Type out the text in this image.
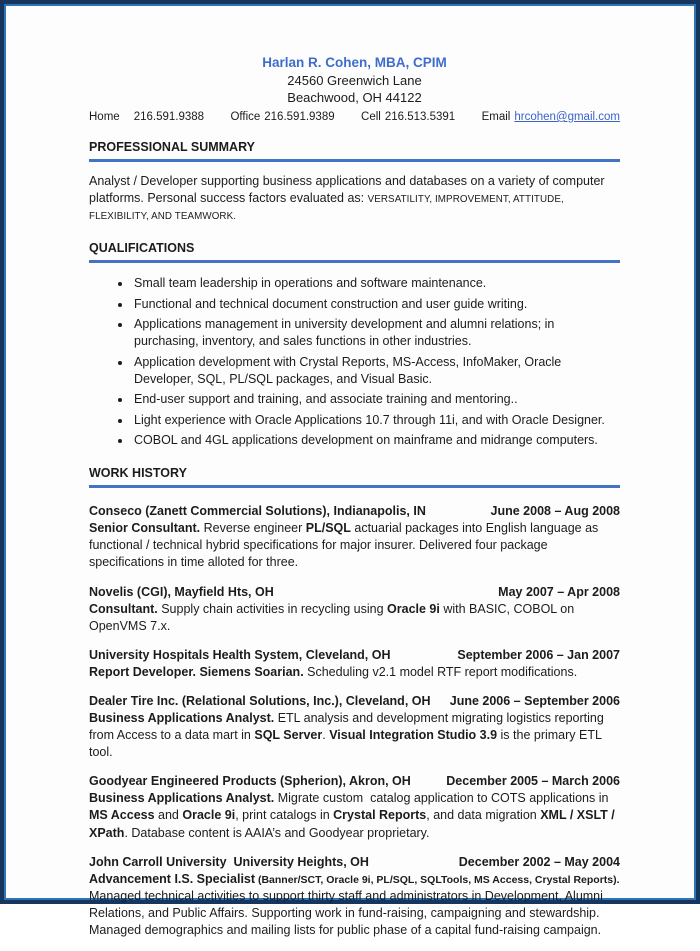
Harlan R. Cohen, MBA, CPIM
24560 Greenwich Lane
Beachwood, OH 44122
Home 216.591.9388 Office 216.591.9389 Cell 216.513.5391 Email hrcohen@gmail.com
PROFESSIONAL SUMMARY

Analyst / Developer supporting business applications and databases on a variety of computer platforms. Personal success factors evaluated as: VERSATILITY, IMPROVEMENT, ATTITUDE, FLEXIBILITY, AND TEAMWORK.

QUALIFICATIONS
• Small team leadership in operations and software maintenance.
• Functional and technical document construction and user guide writing.
• Applications management in university development and alumni relations; in purchasing, inventory, and sales functions in other industries.
• Application development with Crystal Reports, MS-Access, InfoMaker, Oracle Developer, SQL, PL/SQL packages, and Visual Basic.
• End-user support and training, and associate training and mentoring..
• Light experience with Oracle Applications 10.7 through 11i, and with Oracle Designer.
• COBOL and 4GL applications development on mainframe and midrange computers.
WORK HISTORY
Conseco (Zanett Commercial Solutions), Indianapolis, IN	June 2008 – Aug 2008
Senior Consultant. Reverse engineer PL/SQL actuarial packages into English language as functional / technical hybrid specifications for major insurer. Delivered four package specifications in time alloted for three.
Novelis (CGI), Mayfield Hts, OH	May 2007 – Apr 2008
Consultant. Supply chain activities in recycling using Oracle 9i with BASIC, COBOL on OpenVMS 7.x.
University Hospitals Health System, Cleveland, OH	September 2006 – Jan 2007
Report Developer. Siemens Soarian. Scheduling v2.1 model RTF report modifications.
Dealer Tire Inc. (Relational Solutions, Inc.), Cleveland, OH June 2006 – September 2006
Business Applications Analyst. ETL analysis and development migrating logistics reporting from Access to a data mart in SQL Server. Visual Integration Studio 3.9 is the primary ETL tool.
Goodyear Engineered Products (Spherion), Akron, OH	December 2005 – March 2006
Business Applications Analyst. Migrate custom  catalog application to COTS applications in MS Access and Oracle 9i, print catalogs in Crystal Reports, and data migration XML / XSLT / XPath. Database content is AAIA’s and Goodyear proprietary.
John Carroll University  University Heights, OH	December 2002 – May 2004
Advancement I.S. Specialist (Banner/SCT, Oracle 9i, PL/SQL, SQLTools, MS Access, Crystal Reports). Managed technical activities to support thirty staff and administrators in Development, Alumni Relations, and Public Affairs. Supporting work in fund-raising, campaigning and stewardship. Managed demographics and mailing lists for public phase of a capital fund-raising campaign.
